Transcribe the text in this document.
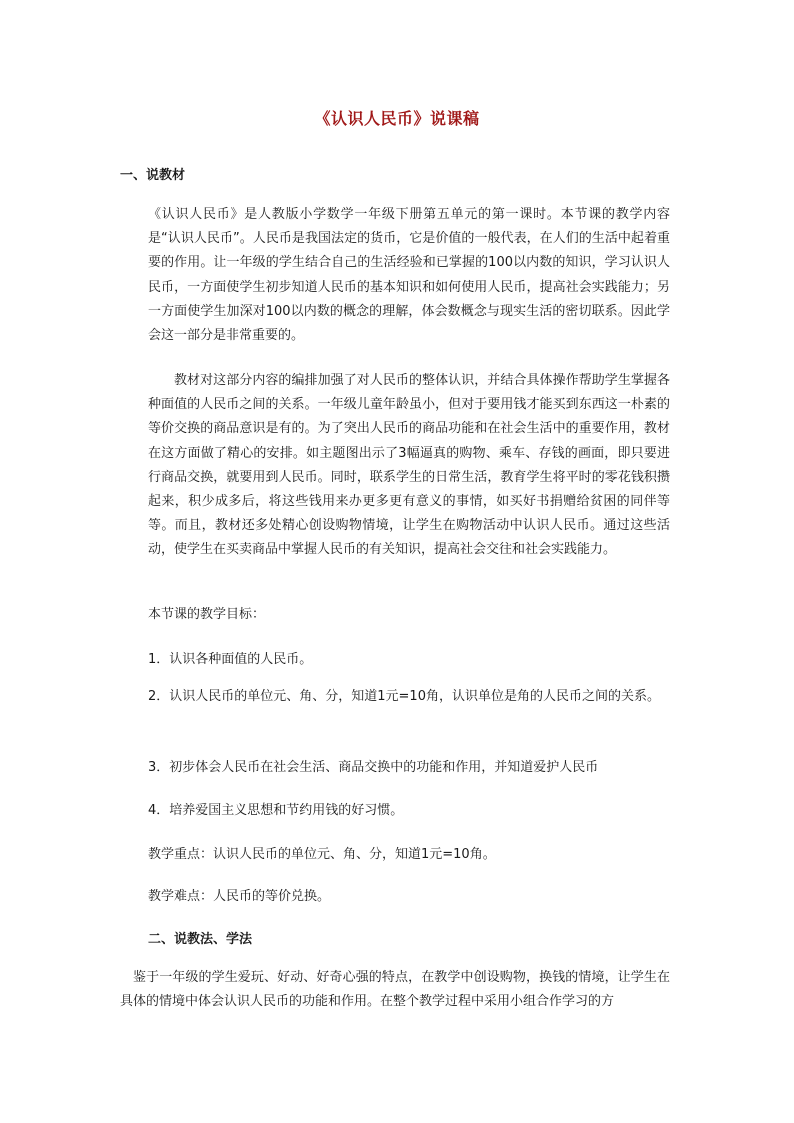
《认识人民币》说课稿

一、说教材

《认识人民币》是人教版小学数学一年级下册第五单元的第一课时。本节课的教学内容是“认识人民币”。人民币是我国法定的货币，它是价值的一般代表，在人们的生活中起着重要的作用。让一年级的学生结合自己的生活经验和已掌握的100以内数的知识，学习认识人民币，一方面使学生初步知道人民币的基本知识和如何使用人民币，提高社会实践能力；另一方面使学生加深对100以内数的概念的理解，体会数概念与现实生活的密切联系。因此学会这一部分是非常重要的。

教材对这部分内容的编排加强了对人民币的整体认识，并结合具体操作帮助学生掌握各种面值的人民币之间的关系。一年级儿童年龄虽小，但对于要用钱才能买到东西这一朴素的等价交换的商品意识是有的。为了突出人民币的商品功能和在社会生活中的重要作用，教材在这方面做了精心的安排。如主题图出示了3幅逼真的购物、乘车、存钱的画面，即只要进行商品交换，就要用到人民币。同时，联系学生的日常生活，教育学生将平时的零花钱积攒起来，积少成多后，将这些钱用来办更多更有意义的事情，如买好书捐赠给贫困的同伴等等。而且，教材还多处精心创设购物情境，让学生在购物活动中认识人民币。通过这些活动，使学生在买卖商品中掌握人民币的有关知识，提高社会交往和社会实践能力。

本节课的教学目标：

1．认识各种面值的人民币。

2．认识人民币的单位元、角、分，知道1元=10角，认识单位是角的人民币之间的关系。

3．初步体会人民币在社会生活、商品交换中的功能和作用，并知道爱护人民币

4．培养爱国主义思想和节约用钱的好习惯。

教学重点：认识人民币的单位元、角、分，知道1元=10角。

教学难点：人民币的等价兑换。

二、说教法、学法

鉴于一年级的学生爱玩、好动、好奇心强的特点，在教学中创设购物，换钱的情境，让学生在具体的情境中体会认识人民币的功能和作用。在整个教学过程中采用小组合作学习的方
